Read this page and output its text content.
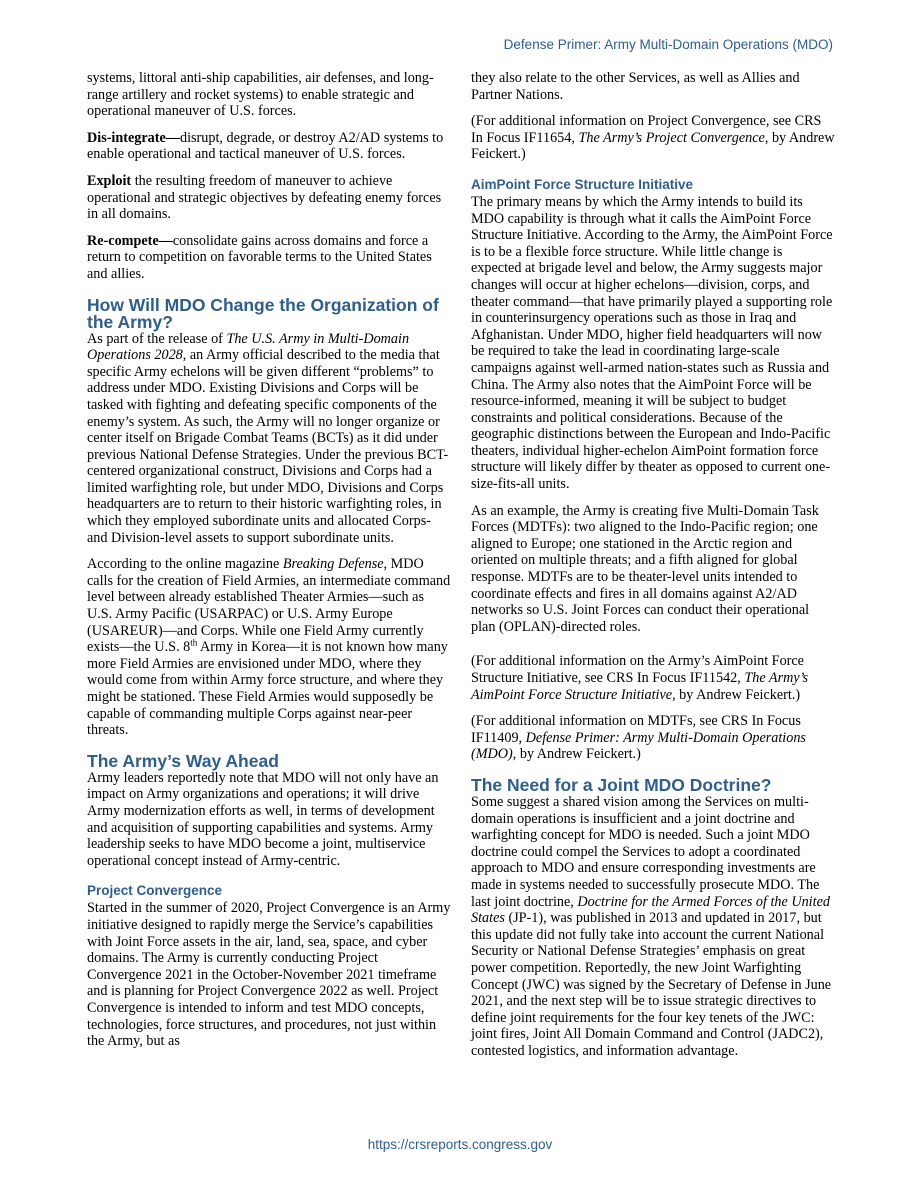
Defense Primer: Army Multi-Domain Operations (MDO)

systems, littoral anti-ship capabilities, air defenses, and long-range artillery and rocket systems) to enable strategic and operational maneuver of U.S. forces.

Dis-integrate—disrupt, degrade, or destroy A2/AD systems to enable operational and tactical maneuver of U.S. forces.

Exploit the resulting freedom of maneuver to achieve operational and strategic objectives by defeating enemy forces in all domains.

Re-compete—consolidate gains across domains and force a return to competition on favorable terms to the United States and allies.

How Will MDO Change the Organization of the Army?

As part of the release of The U.S. Army in Multi-Domain Operations 2028, an Army official described to the media that specific Army echelons will be given different “problems” to address under MDO. Existing Divisions and Corps will be tasked with fighting and defeating specific components of the enemy’s system. As such, the Army will no longer organize or center itself on Brigade Combat Teams (BCTs) as it did under previous National Defense Strategies. Under the previous BCT-centered organizational construct, Divisions and Corps had a limited warfighting role, but under MDO, Divisions and Corps headquarters are to return to their historic warfighting roles, in which they employed subordinate units and allocated Corps- and Division-level assets to support subordinate units.

According to the online magazine Breaking Defense, MDO calls for the creation of Field Armies, an intermediate command level between already established Theater Armies—such as U.S. Army Pacific (USARPAC) or U.S. Army Europe (USAREUR)—and Corps. While one Field Army currently exists—the U.S. 8th Army in Korea—it is not known how many more Field Armies are envisioned under MDO, where they would come from within Army force structure, and where they might be stationed. These Field Armies would supposedly be capable of commanding multiple Corps against near-peer threats.

The Army’s Way Ahead

Army leaders reportedly note that MDO will not only have an impact on Army organizations and operations; it will drive Army modernization efforts as well, in terms of development and acquisition of supporting capabilities and systems. Army leadership seeks to have MDO become a joint, multiservice operational concept instead of Army-centric.

Project Convergence

Started in the summer of 2020, Project Convergence is an Army initiative designed to rapidly merge the Service’s capabilities with Joint Force assets in the air, land, sea, space, and cyber domains. The Army is currently conducting Project Convergence 2021 in the October-November 2021 timeframe and is planning for Project Convergence 2022 as well. Project Convergence is intended to inform and test MDO concepts, technologies, force structures, and procedures, not just within the Army, but as

they also relate to the other Services, as well as Allies and Partner Nations.

(For additional information on Project Convergence, see CRS In Focus IF11654, The Army’s Project Convergence, by Andrew Feickert.)

AimPoint Force Structure Initiative

The primary means by which the Army intends to build its MDO capability is through what it calls the AimPoint Force Structure Initiative. According to the Army, the AimPoint Force is to be a flexible force structure. While little change is expected at brigade level and below, the Army suggests major changes will occur at higher echelons—division, corps, and theater command—that have primarily played a supporting role in counterinsurgency operations such as those in Iraq and Afghanistan. Under MDO, higher field headquarters will now be required to take the lead in coordinating large-scale campaigns against well-armed nation-states such as Russia and China. The Army also notes that the AimPoint Force will be resource-informed, meaning it will be subject to budget constraints and political considerations. Because of the geographic distinctions between the European and Indo-Pacific theaters, individual higher-echelon AimPoint formation force structure will likely differ by theater as opposed to current one-size-fits-all units.

As an example, the Army is creating five Multi-Domain Task Forces (MDTFs): two aligned to the Indo-Pacific region; one aligned to Europe; one stationed in the Arctic region and oriented on multiple threats; and a fifth aligned for global response. MDTFs are to be theater-level units intended to coordinate effects and fires in all domains against A2/AD networks so U.S. Joint Forces can conduct their operational plan (OPLAN)-directed roles.

(For additional information on the Army’s AimPoint Force Structure Initiative, see CRS In Focus IF11542, The Army’s AimPoint Force Structure Initiative, by Andrew Feickert.)

(For additional information on MDTFs, see CRS In Focus IF11409, Defense Primer: Army Multi-Domain Operations (MDO), by Andrew Feickert.)

The Need for a Joint MDO Doctrine?

Some suggest a shared vision among the Services on multi-domain operations is insufficient and a joint doctrine and warfighting concept for MDO is needed. Such a joint MDO doctrine could compel the Services to adopt a coordinated approach to MDO and ensure corresponding investments are made in systems needed to successfully prosecute MDO. The last joint doctrine, Doctrine for the Armed Forces of the United States (JP-1), was published in 2013 and updated in 2017, but this update did not fully take into account the current National Security or National Defense Strategies’ emphasis on great power competition. Reportedly, the new Joint Warfighting Concept (JWC) was signed by the Secretary of Defense in June 2021, and the next step will be to issue strategic directives to define joint requirements for the four key tenets of the JWC: joint fires, Joint All Domain Command and Control (JADC2), contested logistics, and information advantage.

https://crsreports.congress.gov
